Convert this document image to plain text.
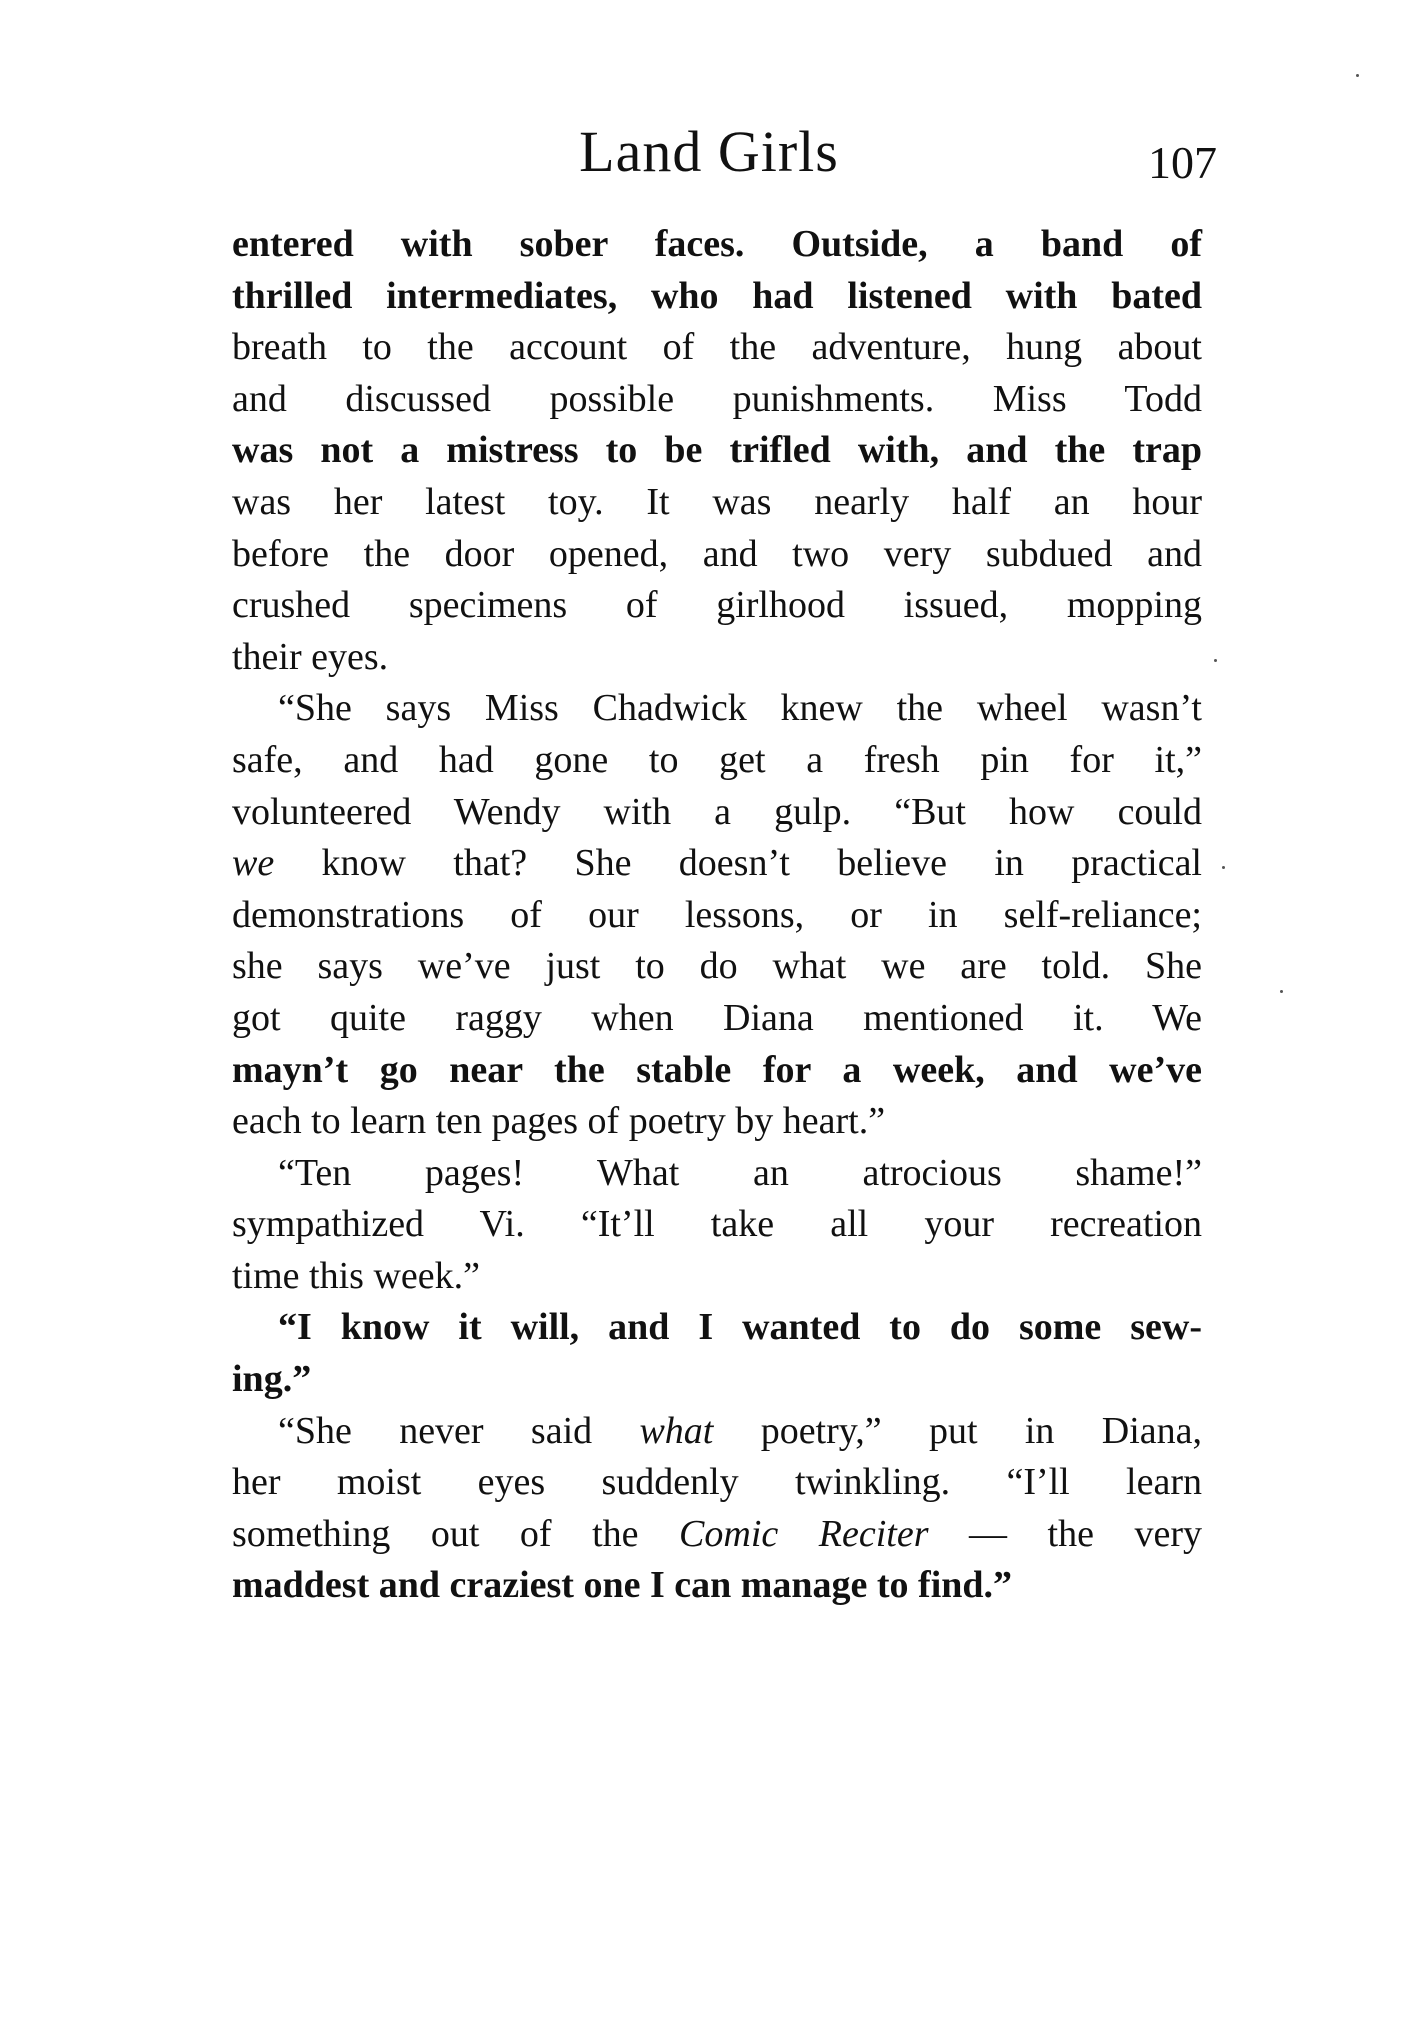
Land Girls	107
entered with sober faces. Outside, a band of
thrilled intermediates, who had listened with bated
breath to the account of the adventure, hung about
and discussed possible punishments. Miss Todd
was not a mistress to be trifled with, and the trap
was her latest toy. It was nearly half an hour
before the door opened, and two very subdued and
crushed specimens of girlhood issued, mopping
their eyes.
“She says Miss Chadwick knew the wheel wasn’t
safe, and had gone to get a fresh pin for it,”
volunteered Wendy with a gulp. “But how could
we know that? She doesn’t believe in practical
demonstrations of our lessons, or in self-reliance;
she says we’ve just to do what we are told. She
got quite raggy when Diana mentioned it. We
mayn’t go near the stable for a week, and we’ve
each to learn ten pages of poetry by heart.”
“Ten pages! What an atrocious shame!”
sympathized Vi. “It’ll take all your recreation
time this week.”
“I know it will, and I wanted to do some sew-
ing.”
“She never said what poetry,” put in Diana,
her moist eyes suddenly twinkling. “I’ll learn
something out of the Comic Reciter — the very
maddest and craziest one I can manage to find.”
